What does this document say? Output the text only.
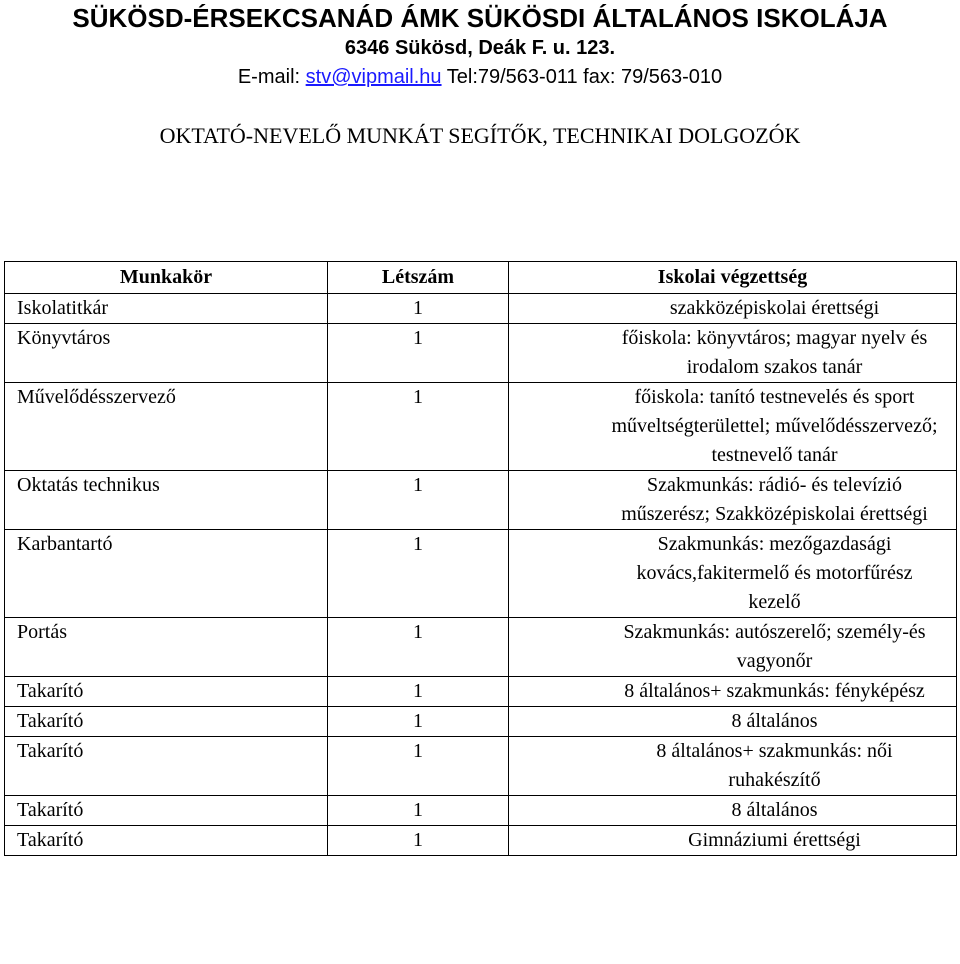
SÜKÖSD-ÉRSEKCSANÁD ÁMK SÜKÖSDI ÁLTALÁNOS ISKOLÁJA
6346 Sükösd, Deák F. u. 123.
E-mail: stv@vipmail.hu Tel:79/563-011 fax: 79/563-010
OKTATÓ-NEVELŐ MUNKÁT SEGÍTŐK, TECHNIKAI DOLGOZÓK
Munkakör	Létszám	Iskolai végzettség
Iskolatitkár	1	szakközépiskolai érettségi
Könyvtáros	1	főiskola: könyvtáros; magyar nyelv és irodalom szakos tanár
Művelődésszervező	1	főiskola: tanító testnevelés és sport műveltségterülettel; művelődésszervező; testnevelő tanár
Oktatás technikus	1	Szakmunkás: rádió- és televízió műszerész; Szakközépiskolai érettségi
Karbantartó	1	Szakmunkás: mezőgazdasági kovács,fakitermelő és motorfűrész kezelő
Portás	1	Szakmunkás: autószerelő; személy-és vagyonőr
Takarító	1	8 általános+ szakmunkás: fényképész
Takarító	1	8 általános
Takarító	1	8 általános+ szakmunkás: női ruhakészítő
Takarító	1	8 általános
Takarító	1	Gimnáziumi érettségi
